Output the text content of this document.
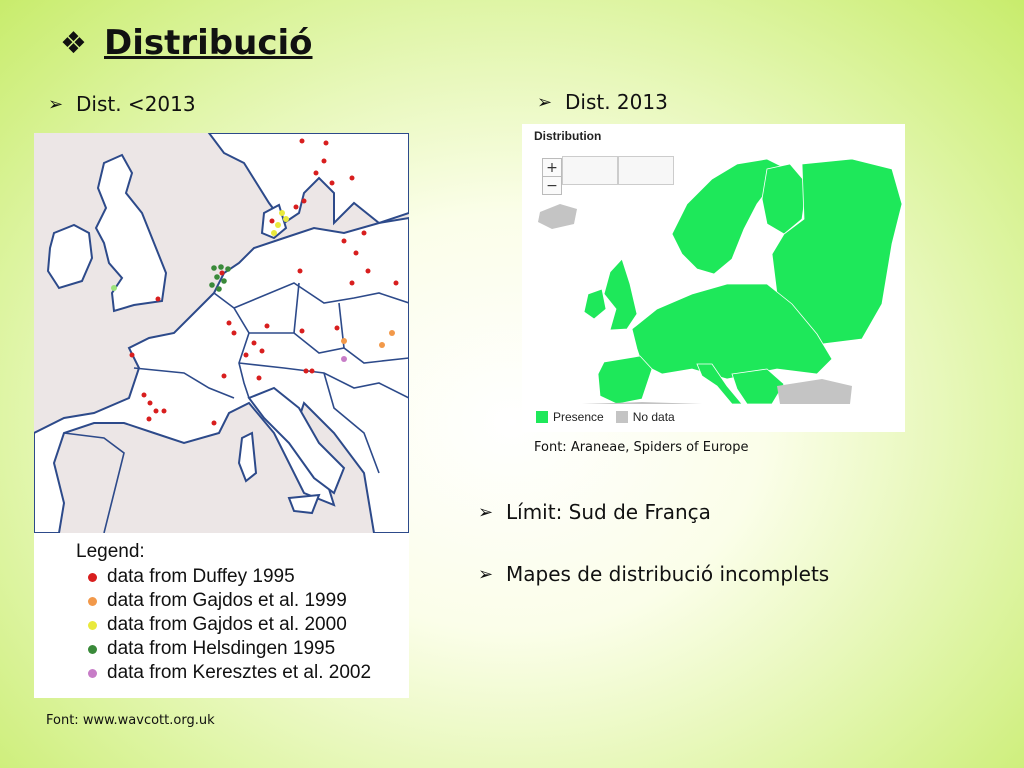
❖ Distribució
➢ Dist. <2013	➢ Dist. 2013
Legend:
data from Duffey 1995
data from Gajdos et al. 1999
data from Gajdos et al. 2000
data from Helsdingen 1995
data from Keresztes et al. 2002
Font: www.wavcott.org.uk
Distribution
+
−
Presence No data
Font: Araneae, Spiders of Europe
➢ Límit: Sud de França
➢ Mapes de distribució incomplets
